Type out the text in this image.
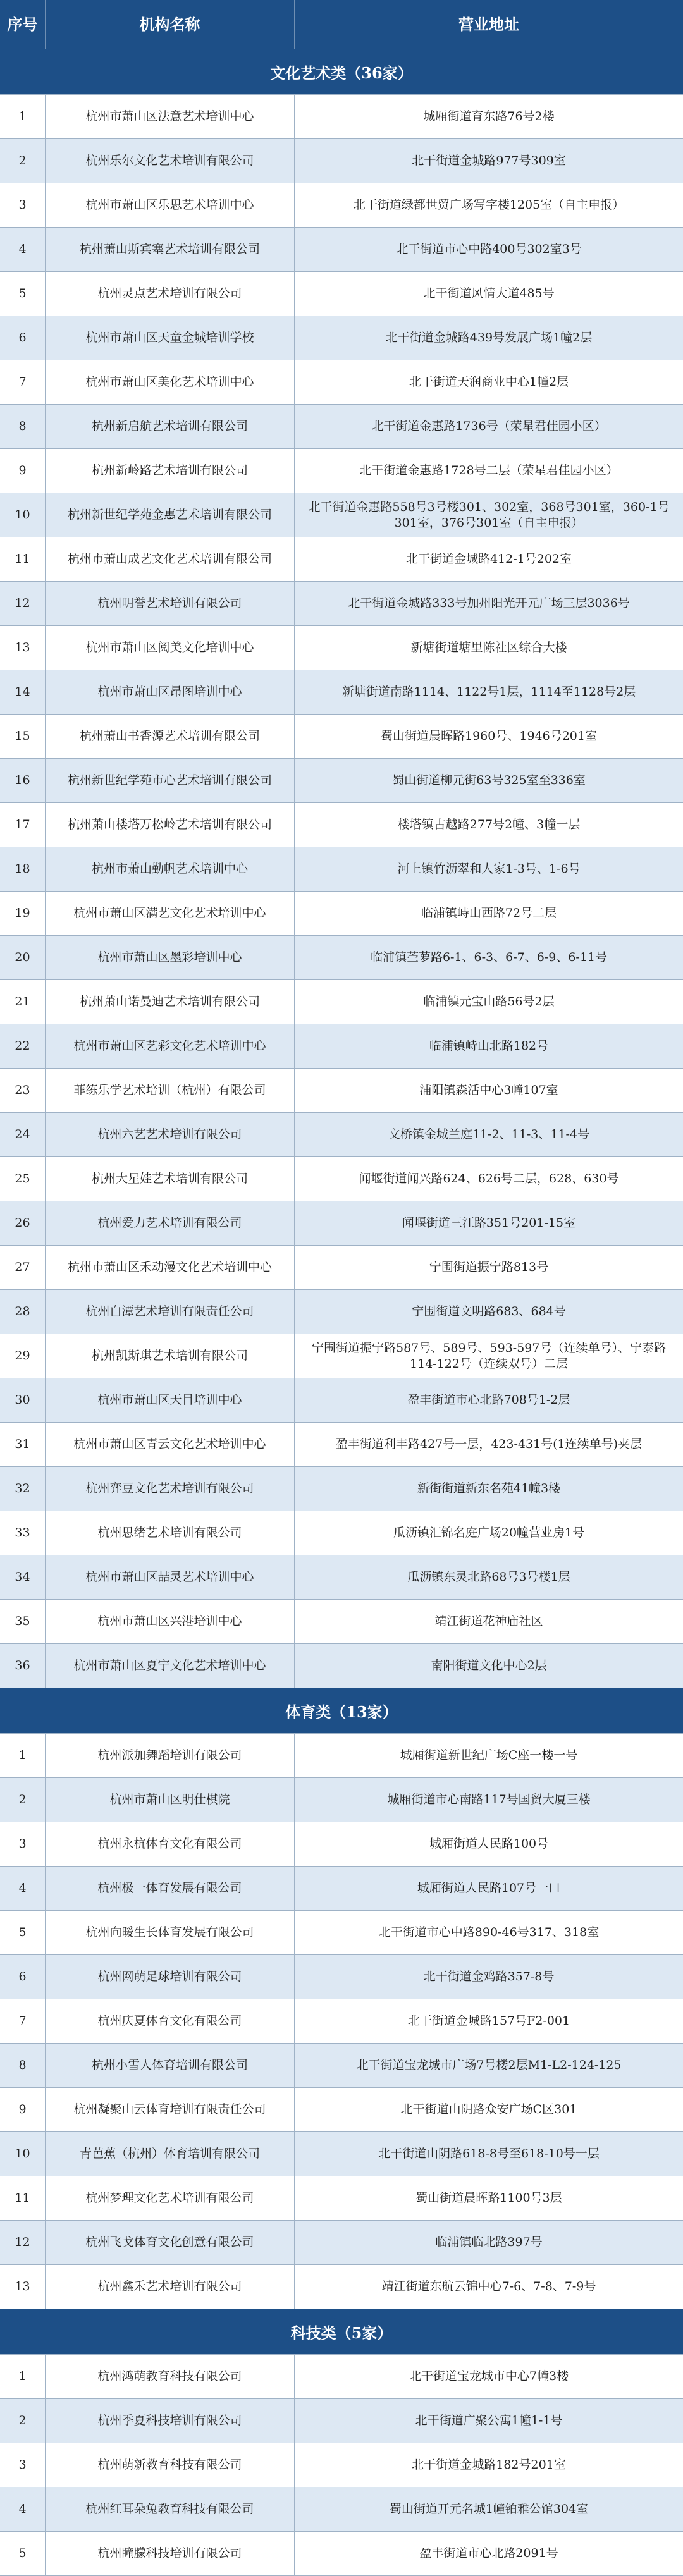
序号	机构名称	营业地址
文化艺术类（36家）
1	杭州市萧山区法意艺术培训中心	城厢街道育东路76号2楼
2	杭州乐尔文化艺术培训有限公司	北干街道金城路977号309室
3	杭州市萧山区乐思艺术培训中心	北干街道绿都世贸广场写字楼1205室（自主申报）
4	杭州萧山斯宾塞艺术培训有限公司	北干街道市心中路400号302室3号
5	杭州灵点艺术培训有限公司	北干街道风情大道485号
6	杭州市萧山区天童金城培训学校	北干街道金城路439号发展广场1幢2层
7	杭州市萧山区美化艺术培训中心	北干街道天润商业中心1幢2层
8	杭州新启航艺术培训有限公司	北干街道金惠路1736号（荣星君佳园小区）
9	杭州新岭路艺术培训有限公司	北干街道金惠路1728号二层（荣星君佳园小区）
10	杭州新世纪学苑金惠艺术培训有限公司
北干街道金惠路558号3号楼301、302室，368号301室，360-1号301室，376号301室（自主申报）
11	杭州市萧山成艺文化艺术培训有限公司	北干街道金城路412-1号202室
12	杭州明誉艺术培训有限公司	北干街道金城路333号加州阳光开元广场三层3036号
13	杭州市萧山区阅美文化培训中心	新塘街道塘里陈社区综合大楼
14	杭州市萧山区昂图培训中心	新塘街道南路1114、1122号1层，1114至1128号2层
15	杭州萧山书香源艺术培训有限公司	蜀山街道晨晖路1960号、1946号201室
16	杭州新世纪学苑市心艺术培训有限公司	蜀山街道柳元街63号325室至336室
17	杭州萧山楼塔万松岭艺术培训有限公司	楼塔镇古越路277号2幢、3幢一层
18	杭州市萧山勤帆艺术培训中心	河上镇竹沥翠和人家1-3号、1-6号
19	杭州市萧山区满艺文化艺术培训中心	临浦镇峙山西路72号二层
20	杭州市萧山区墨彩培训中心	临浦镇苎萝路6-1、6-3、6-7、6-9、6-11号
21	杭州萧山诺曼迪艺术培训有限公司	临浦镇元宝山路56号2层
22	杭州市萧山区艺彩文化艺术培训中心	临浦镇峙山北路182号
23	菲练乐学艺术培训（杭州）有限公司	浦阳镇森活中心3幢107室
24	杭州六艺艺术培训有限公司	文桥镇金城兰庭11-2、11-3、11-4号
25	杭州大星娃艺术培训有限公司	闻堰街道闻兴路624、626号二层，628、630号
26	杭州爱力艺术培训有限公司	闻堰街道三江路351号201-15室
27	杭州市萧山区禾动漫文化艺术培训中心	宁围街道振宁路813号
28	杭州白潭艺术培训有限责任公司	宁围街道文明路683、684号
29	杭州凯斯琪艺术培训有限公司
宁围街道振宁路587号、589号、593-597号（连续单号）、宁泰路114-122号（连续双号）二层
30	杭州市萧山区天目培训中心	盈丰街道市心北路708号1-2层
31	杭州市萧山区青云文化艺术培训中心	盈丰街道利丰路427号一层，423-431号(1连续单号)夹层
32	杭州弈豆文化艺术培训有限公司	新街街道新东名苑41幢3楼
33	杭州思绪艺术培训有限公司	瓜沥镇汇锦名庭广场20幢营业房1号
34	杭州市萧山区喆灵艺术培训中心	瓜沥镇东灵北路68号3号楼1层
35	杭州市萧山区兴港培训中心	靖江街道花神庙社区
36	杭州市萧山区夏宁文化艺术培训中心	南阳街道文化中心2层
体育类（13家）
1	杭州派加舞蹈培训有限公司	城厢街道新世纪广场C座一楼一号
2	杭州市萧山区明仕棋院	城厢街道市心南路117号国贸大厦三楼
3	杭州永杭体育文化有限公司	城厢街道人民路100号
4	杭州极一体育发展有限公司	城厢街道人民路107号一口
5	杭州向暖生长体育发展有限公司	北干街道市心中路890-46号317、318室
6	杭州网萌足球培训有限公司	北干街道金鸡路357-8号
7	杭州庆夏体育文化有限公司	北干街道金城路157号F2-001
8	杭州小雪人体育培训有限公司	北干街道宝龙城市广场7号楼2层M1-L2-124-125
9	杭州凝聚山云体育培训有限责任公司	北干街道山阴路众安广场C区301
10	青芭蕉（杭州）体育培训有限公司	北干街道山阴路618-8号至618-10号一层
11	杭州梦理文化艺术培训有限公司	蜀山街道晨晖路1100号3层
12	杭州飞戈体育文化创意有限公司	临浦镇临北路397号
13	杭州鑫禾艺术培训有限公司	靖江街道东航云锦中心7-6、7-8、7-9号
科技类（5家）
1	杭州鸿萌教育科技有限公司	北干街道宝龙城市中心7幢3楼
2	杭州季夏科技培训有限公司	北干街道广聚公寓1幢1-1号
3	杭州萌新教育科技有限公司	北干街道金城路182号201室
4	杭州红耳朵兔教育科技有限公司	蜀山街道开元名城1幢铂雅公馆304室
5	杭州瞳朦科技培训有限公司	盈丰街道市心北路2091号
